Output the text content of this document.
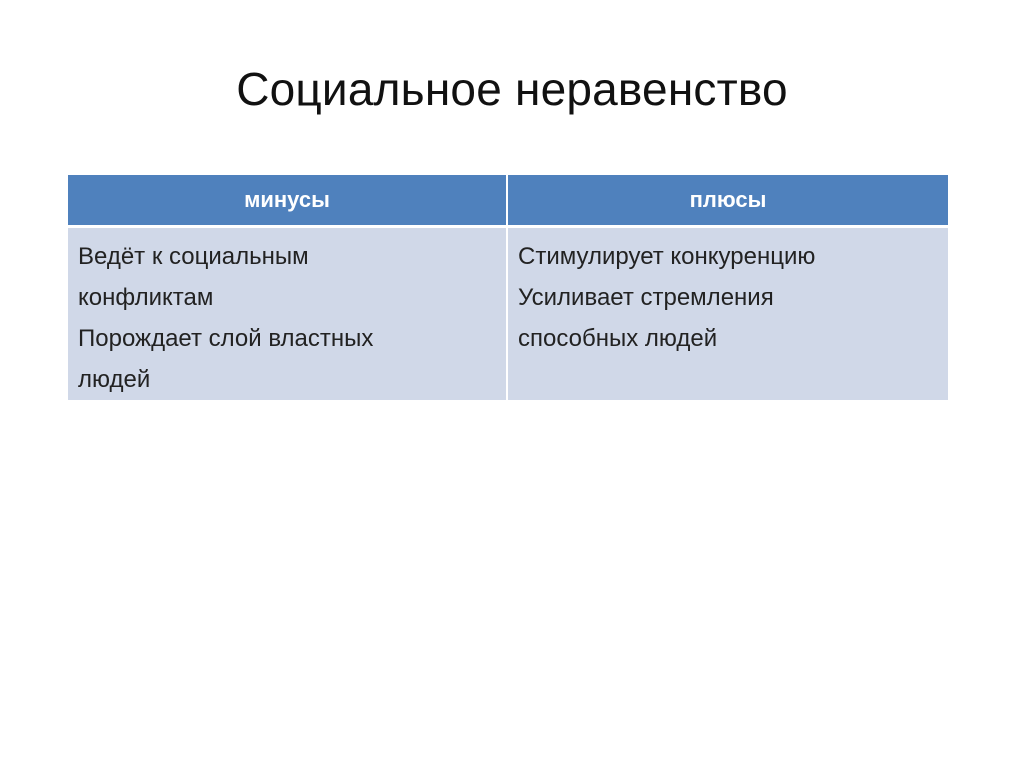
Социальное неравенство
минусы	плюсы
Ведёт к социальным
конфликтам
Порождает слой властных
людей
Стимулирует конкуренцию
Усиливает стремления
способных людей
